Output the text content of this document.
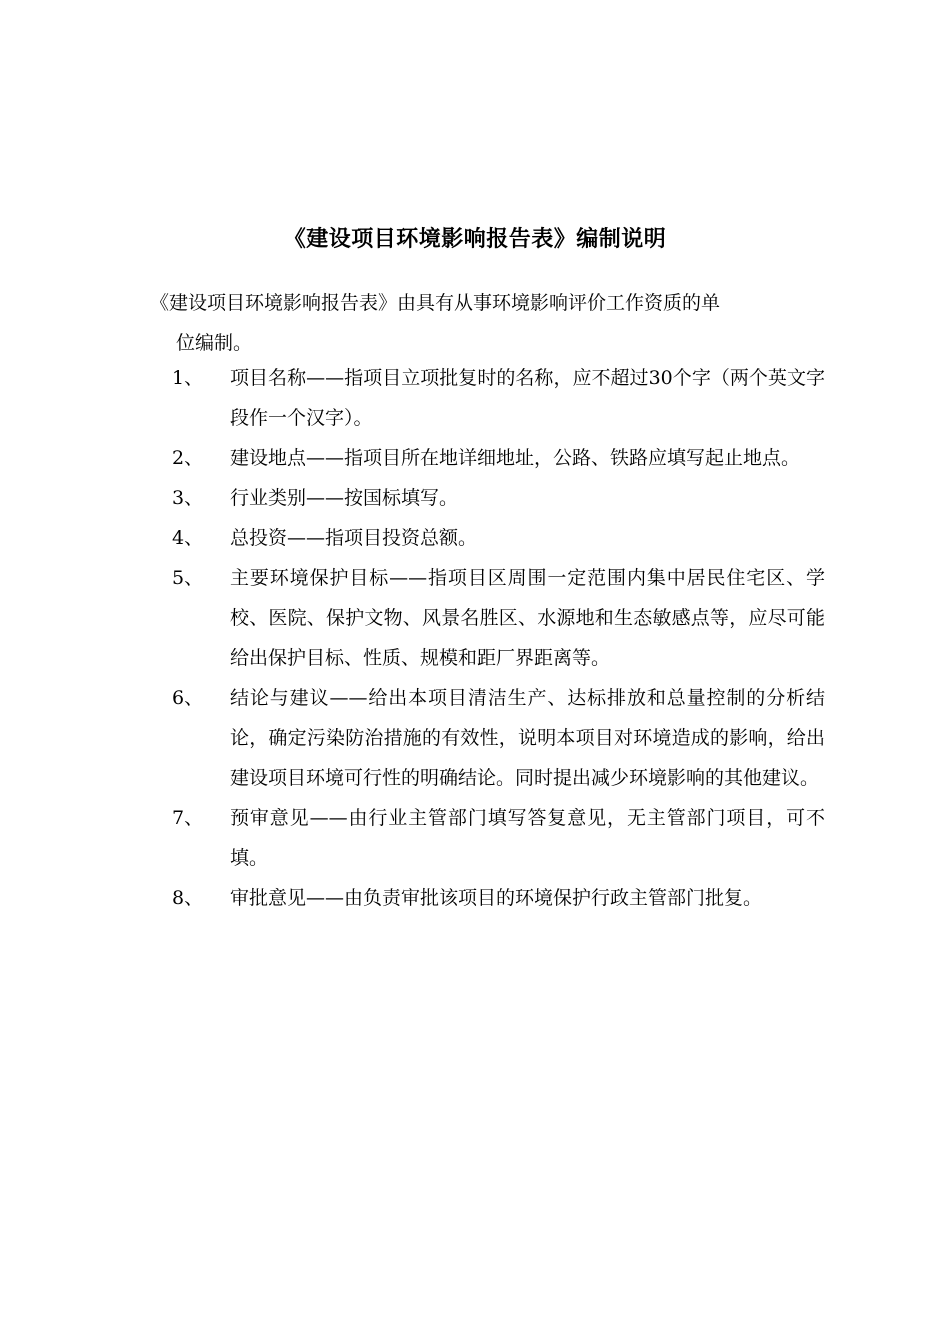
《建设项目环境影响报告表》编制说明
《建设项目环境影响报告表》由具有从事环境影响评价工作资质的单
位编制。
1、 项目名称——指项目立项批复时的名称，应不超过30个字（两个英文字段作一个汉字）。
2、 建设地点——指项目所在地详细地址，公路、铁路应填写起止地点。
3、 行业类别——按国标填写。
4、 总投资——指项目投资总额。
5、 主要环境保护目标——指项目区周围一定范围内集中居民住宅区、学校、医院、保护文物、风景名胜区、水源地和生态敏感点等，应尽可能给出保护目标、性质、规模和距厂界距离等。
6、 结论与建议——给出本项目清洁生产、达标排放和总量控制的分析结论，确定污染防治措施的有效性，说明本项目对环境造成的影响，给出建设项目环境可行性的明确结论。同时提出减少环境影响的其他建议。
7、 预审意见——由行业主管部门填写答复意见，无主管部门项目，可不填。
8、 审批意见——由负责审批该项目的环境保护行政主管部门批复。
